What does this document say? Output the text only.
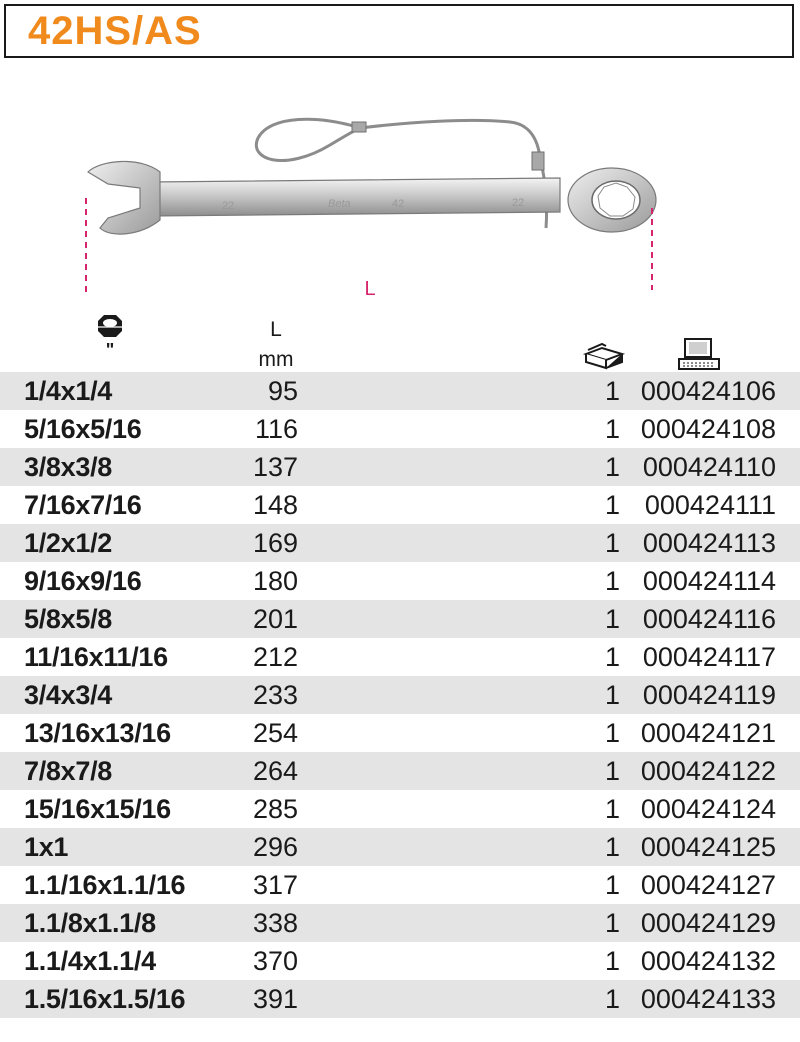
42HS/AS
22	Beta	42	22
L
"
L
mm
1/4x1/4	95	1 000424106
5/16x5/16	116	1 000424108
3/8x3/8	137	1 000424110
7/16x7/16	148	1 000424111
1/2x1/2	169	1 000424113
9/16x9/16	180	1 000424114
5/8x5/8	201	1 000424116
11/16x11/16	212	1 000424117
3/4x3/4	233	1 000424119
13/16x13/16	254	1 000424121
7/8x7/8	264	1 000424122
15/16x15/16	285	1 000424124
1x1	296	1 000424125
1.1/16x1.1/16	317	1 000424127
1.1/8x1.1/8	338	1 000424129
1.1/4x1.1/4	370	1 000424132
1.5/16x1.5/16	391	1 000424133
